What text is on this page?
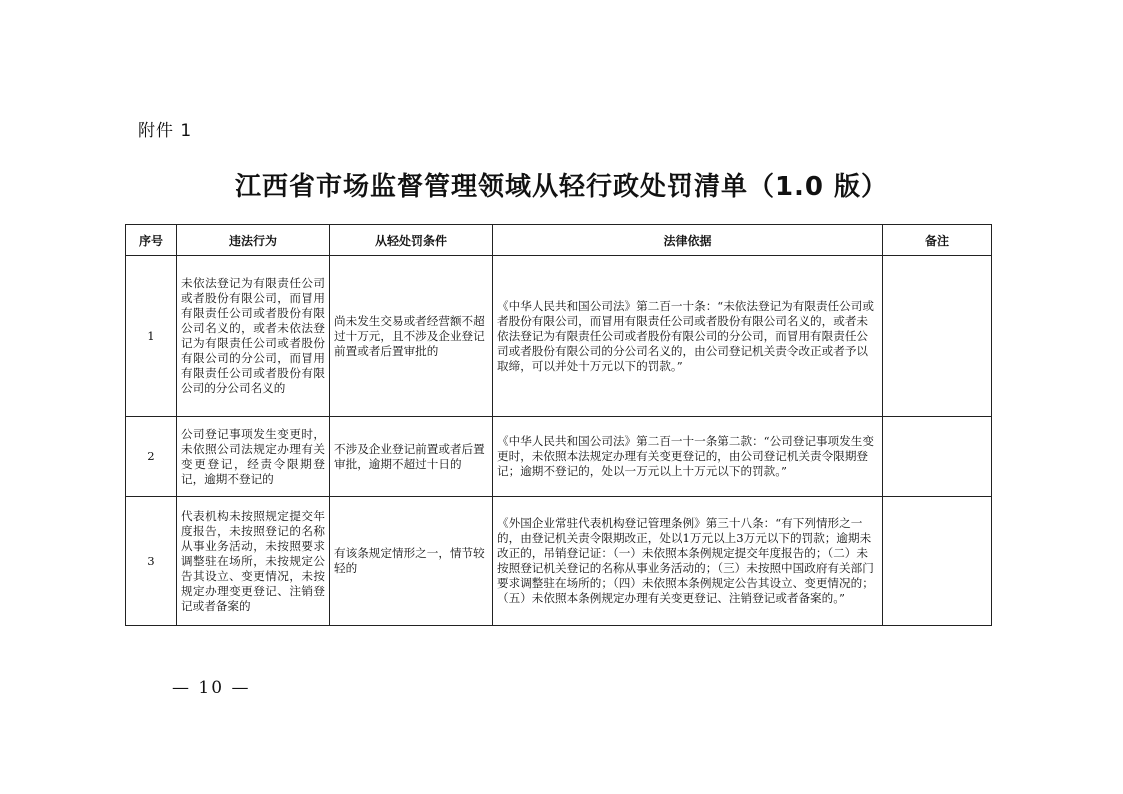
附件 1
江西省市场监督管理领域从轻行政处罚清单（1.0 版）
序号	违法行为	从轻处罚条件	法律依据	备注
1	未依法登记为有限责任公司或者股份有限公司，而冒用有限责任公司或者股份有限公司名义的，或者未依法登记为有限责任公司或者股份有限公司的分公司，而冒用有限责任公司或者股份有限公司的分公司名义的	尚未发生交易或者经营额不超过十万元，且不涉及企业登记前置或者后置审批的	《中华人民共和国公司法》第二百一十条：“未依法登记为有限责任公司或者股份有限公司，而冒用有限责任公司或者股份有限公司名义的，或者未依法登记为有限责任公司或者股份有限公司的分公司，而冒用有限责任公司或者股份有限公司的分公司名义的，由公司登记机关责令改正或者予以取缔，可以并处十万元以下的罚款。”	
2	公司登记事项发生变更时，未依照公司法规定办理有关变更登记，经责令限期登记，逾期不登记的	不涉及企业登记前置或者后置审批，逾期不超过十日的	《中华人民共和国公司法》第二百一十一条第二款：“公司登记事项发生变更时，未依照本法规定办理有关变更登记的，由公司登记机关责令限期登记；逾期不登记的，处以一万元以上十万元以下的罚款。”	
3	代表机构未按照规定提交年度报告，未按照登记的名称从事业务活动，未按照要求调整驻在场所，未按规定公告其设立、变更情况，未按规定办理变更登记、注销登记或者备案的	有该条规定情形之一，情节较轻的	《外国企业常驻代表机构登记管理条例》第三十八条：“有下列情形之一的，由登记机关责令限期改正，处以1万元以上3万元以下的罚款；逾期未改正的，吊销登记证：（一）未依照本条例规定提交年度报告的；（二）未按照登记机关登记的名称从事业务活动的；（三）未按照中国政府有关部门要求调整驻在场所的；（四）未依照本条例规定公告其设立、变更情况的；（五）未依照本条例规定办理有关变更登记、注销登记或者备案的。”	
— 10 —
